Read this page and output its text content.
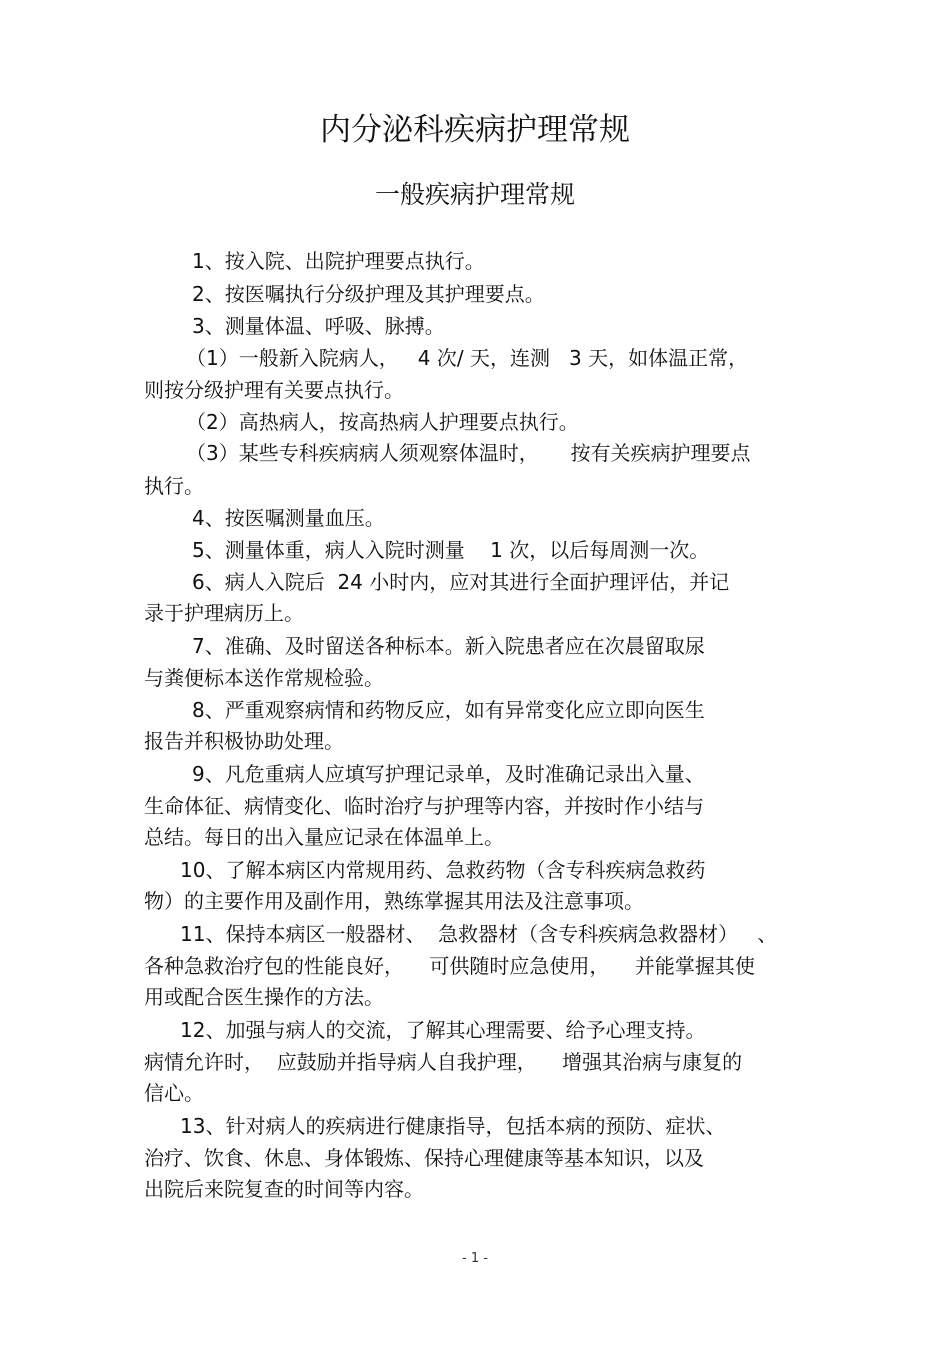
内分泌科疾病护理常规
一般疾病护理常规

1、按入院、出院护理要点执行。

2、按医嘱执行分级护理及其护理要点。

3、测量体温、呼吸、脉搏。

（1）一般新入院病人，   4 次/ 天，连测   3 天，如体温正常，

则按分级护理有关要点执行。

（2）高热病人，按高热病人护理要点执行。

（3）某些专科疾病病人须观察体温时，     按有关疾病护理要点

执行。

4、按医嘱测量血压。

5、测量体重，病人入院时测量    1 次，以后每周测一次。

6、病人入院后  24 小时内，应对其进行全面护理评估，并记

录于护理病历上。

7、准确、及时留送各种标本。新入院患者应在次晨留取尿

与粪便标本送作常规检验。

8、严重观察病情和药物反应，如有异常变化应立即向医生

报告并积极协助处理。

9、凡危重病人应填写护理记录单，及时准确记录出入量、

生命体征、病情变化、临时治疗与护理等内容，并按时作小结与

总结。每日的出入量应记录在体温单上。

10、了解本病区内常规用药、急救药物（含专科疾病急救药

物）的主要作用及副作用，熟练掌握其用法及注意事项。

11、保持本病区一般器材、  急救器材（含专科疾病急救器材）   、

各种急救治疗包的性能良好，    可供随时应急使用，    并能掌握其使

用或配合医生操作的方法。

12、加强与病人的交流，了解其心理需要、给予心理支持。

病情允许时，  应鼓励并指导病人自我护理，    增强其治病与康复的

信心。

13、针对病人的疾病进行健康指导，包括本病的预防、症状、

治疗、饮食、休息、身体锻炼、保持心理健康等基本知识，以及

出院后来院复查的时间等内容。

- 1 -
